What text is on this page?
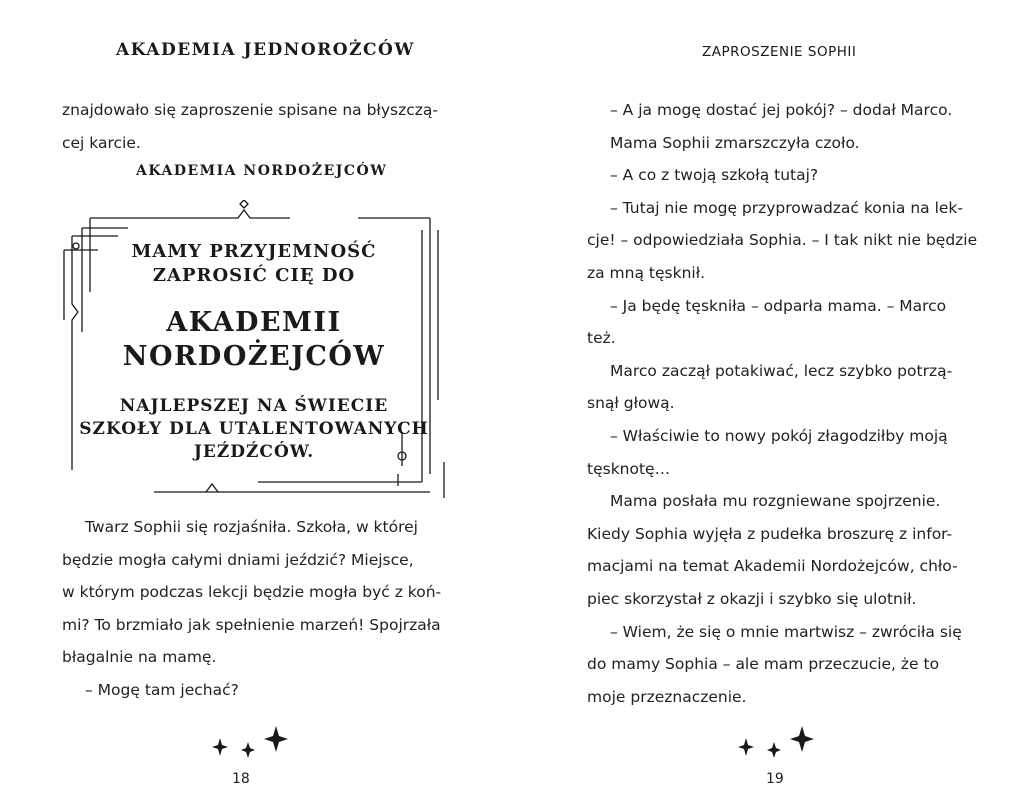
AKADEMIA JEDNOROŻCÓW

znajdowało się zaproszenie spisane na błyszczą-

cej karcie.

AKADEMIA NORDOŻEJCÓW
MAMY PRZYJEMNOŚĆ
ZAPROSIĆ CIĘ DO
AKADEMII
NORDOŻEJCÓW
NAJLEPSZEJ NA ŚWIECIE
SZKOŁY DLA UTALENTOWANYCH
JEŹDŹCÓW.

Twarz Sophii się rozjaśniła. Szkoła, w której

będzie mogła całymi dniami jeździć? Miejsce,

w którym podczas lekcji będzie mogła być z koń-

mi? To brzmiało jak spełnienie marzeń! Spojrzała

błagalnie na mamę.

– Mogę tam jechać?

18
ZAPROSZENIE SOPHII

– A ja mogę dostać jej pokój? – dodał Marco.

Mama Sophii zmarszczyła czoło.

– A co z twoją szkołą tutaj?

– Tutaj nie mogę przyprowadzać konia na lek-

cje! – odpowiedziała Sophia. – I tak nikt nie będzie

za mną tęsknił.

– Ja będę tęskniła – odparła mama. – Marco

też.

Marco zaczął potakiwać, lecz szybko potrzą-

snął głową.

– Właściwie to nowy pokój złagodziłby moją

tęsknotę…

Mama posłała mu rozgniewane spojrzenie.

Kiedy Sophia wyjęła z pudełka broszurę z infor-

macjami na temat Akademii Nordożejców, chło-

piec skorzystał z okazji i szybko się ulotnił.

– Wiem, że się o mnie martwisz – zwróciła się

do mamy Sophia – ale mam przeczucie, że to

moje przeznaczenie.

19
